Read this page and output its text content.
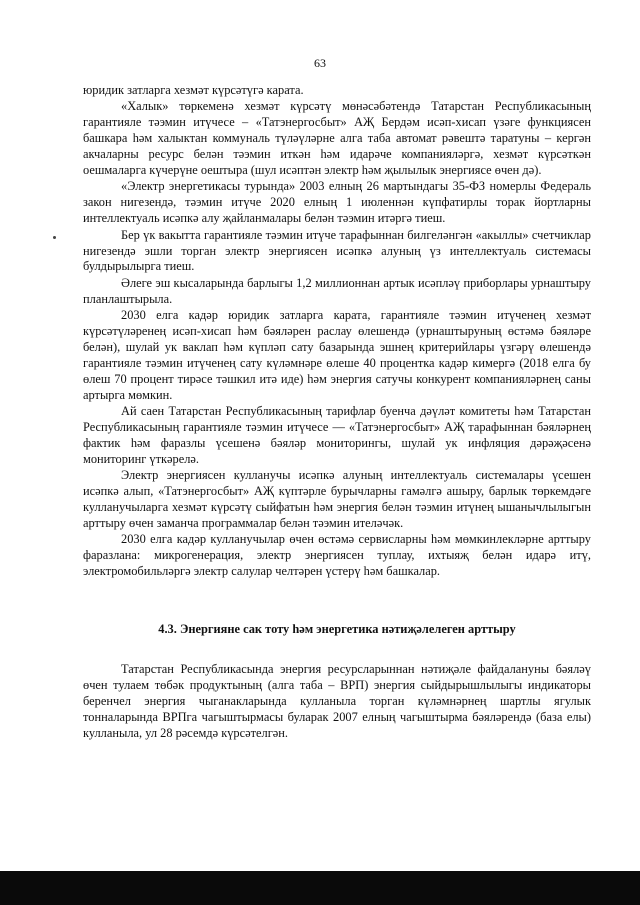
63

юридик затларга хезмәт күрсәтүгә карата.

«Халык» төркеменә хезмәт күрсәтү мөнәсәбәтендә Татарстан Республикасының гарантияле тәэмин итүчесе – «Татэнергосбыт» АҖ Бердәм исәп-хисап үзәге функциясен башкара һәм халыктан коммуналь түләүләрне алга таба автомат рәвештә таратуны – кергән акчаларны ресурс белән тәэмин иткән һәм идарәче компанияләргә, хезмәт күрсәткән оешмаларга күчерүне оештыра (шул исәптән электр һәм җылылык энергиясе өчен дә).

«Электр энергетикасы турында» 2003 елның 26 мартындагы 35-ФЗ номерлы Федераль закон нигезендә, тәэмин итүче 2020 елның 1 июленнән күпфатирлы торак йортларны интеллектуаль исәпкә алу җайланмалары белән тәэмин итәргә тиеш.

Бер үк вакытта гарантияле тәэмин итүче тарафыннан билгеләнгән «акыллы» счетчиклар нигезендә эшли торган электр энергиясен исәпкә алуның үз интеллектуаль системасы булдырылырга тиеш.

Әлеге эш кысаларында барлыгы 1,2 миллионнан артык исәпләү приборлары урнаштыру планлаштырыла.

2030 елга кадәр юридик затларга карата, гарантияле тәэмин итүченең хезмәт күрсәтүләренең исәп-хисап һәм бәяләрен раслау өлешендә (урнаштыруның өстәмә бәяләре белән), шулай ук ваклап һәм күпләп сату базарында эшнең критерийлары үзгәрү өлешендә гарантияле тәэмин итүченең сату күләмнәре өлеше 40 процентка кадәр кимергә (2018 елга бу өлеш 70 процент тирәсе тәшкил итә иде) һәм энергия сатучы конкурент компанияләрнең саны артырга мөмкин.

Ай саен Татарстан Республикасының тарифлар буенча дәүләт комитеты һәм Татарстан Республикасының гарантияле тәэмин итүчесе — «Татэнергосбыт» АҖ тарафыннан бәяләрнең фактик һәм фаразлы үсешенә бәяләр мониторингы, шулай ук инфляция дәрәҗәсенә мониторинг үткәрелә.

Электр энергиясен кулланучы исәпкә алуның интеллектуаль системалары үсешен исәпкә алып, «Татэнергосбыт» АҖ күптәрле бурычларны гамәлгә ашыру, барлык төркемдәге кулланучыларга хезмәт күрсәтү сыйфатын һәм энергия белән тәэмин итүнең ышанычлылыгын арттыру өчен заманча программалар белән тәэмин ителәчәк.

2030 елга кадәр кулланучылар өчен өстәмә сервисларны һәм мөмкинлекләрне арттыру фаразлана: микрогенерация, электр энергиясен туплау, ихтыяҗ белән идарә итү, электромобильләргә электр салулар челтәрен үстерү һәм башкалар.

4.3. Энергияне сак тоту һәм энергетика нәтиҗәлелеген арттыру

Татарстан Республикасында энергия ресурсларыннан нәтиҗәле файдалануны бәяләү өчен тулаем төбәк продуктының (алга таба – ВРП) энергия сыйдырышлылыгы индикаторы беренчел энергия чыганакларында кулланыла торган күләмнәрнең шартлы ягулык тонналарында ВРПга чагыштырмасы буларак 2007 елның чагыштырма бәяләрендә (база елы) кулланыла, ул 28 рәсемдә күрсәтелгән.
